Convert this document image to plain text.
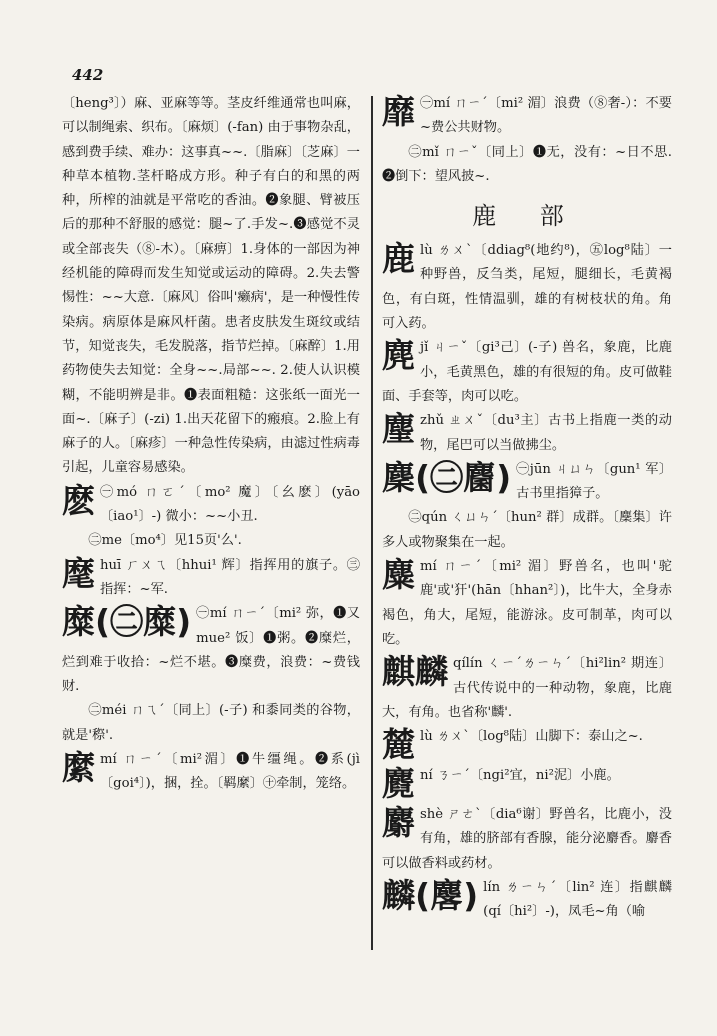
442

〔heng³〕）麻、亚麻等等。茎皮纤维通常也叫麻，可以制绳索、织布。〔麻烦〕(-fan) 由于事物杂乱，感到费手续、难办：这事真~~.〔脂麻〕〔芝麻〕一种草本植物.茎杆略成方形。种子有白的和黑的两种，所榨的油就是平常吃的香油。❷象腿、臂被压后的那种不舒服的感觉：腿~了.手发~.❸感觉不灵或全部丧失（⑧-木）。〔麻痹〕1.身体的一部因为神经机能的障碍而发生知觉或运动的障碍。2.失去警惕性：~~大意.〔麻风〕俗叫'癞病'，是一种慢性传染病。病原体是麻风杆菌。患者皮肤发生斑纹或结节，知觉丧失，毛发脱落，指节烂掉。〔麻醉〕1.用药物使失去知觉：全身~~.局部~~. 2.使人认识模糊，不能明辨是非。❶表面粗糙：这张纸一面光一面~.〔麻子〕(-zi) 1.出天花留下的瘢痕。2.脸上有麻子的人。〔麻疹〕一种急性传染病，由滤过性病毒引起，儿童容易感染。

麽 ㊀mó ㄇㄛˊ〔mo² 魔〕〔幺麽〕(yāo〔iao¹〕-) 微小：~~小丑.
㊁me〔mo⁴〕见15页'么'.
麾 huī ㄏㄨㄟ〔hhui¹ 辉〕指挥用的旗子。㊂指挥：~军.
糜(㊁糜) ㊀mí ㄇㄧˊ〔mi² 弥，❶又mue² 饭〕❶粥。❷糜烂，烂到难于收拾：~烂不堪。❸糜费，浪费：~费钱财.
㊁méi ㄇㄟˊ〔同上〕(-子) 和黍同类的谷物，就是'穄'.
縻 mí ㄇㄧˊ〔mi²湄〕❶牛缰绳。❷系(jì〔goi⁴〕)，捆，拴。〔羁縻〕㊉牵制，笼络。
靡 ㊀mí ㄇㄧˊ〔mi² 湄〕浪费（⑧奢-）：不要~费公共财物。
㊁mǐ ㄇㄧˇ〔同上〕❶无，没有：~日不思. ❷倒下：望风披~.
鹿 部
鹿 lù ㄌㄨˋ〔ddiag⁸(地约⁸)，㊄log⁸陆〕一种野兽，反刍类，尾短，腿细长，毛黄褐色，有白斑，性情温驯，雄的有树枝状的角。角可入药。
麂 jǐ ㄐㄧˇ〔gi³己〕(-子) 兽名，象鹿，比鹿小，毛黄黑色，雄的有很短的角。皮可做鞋面、手套等，肉可以吃。
麈 zhǔ ㄓㄨˇ〔du³主〕古书上指鹿一类的动物，尾巴可以当做拂尘。
麇(㊁麕) ㊀jūn ㄐㄩㄣ〔gun¹ 军〕古书里指獐子。
㊁qún ㄑㄩㄣˊ〔hun² 群〕成群。〔麇集〕许多人或物聚集在一起。
麋 mí ㄇㄧˊ〔mi² 湄〕野兽名，也叫'驼鹿'或'犴'(hān〔hhan²〕)，比牛大，全身赤褐色，角大，尾短，能游泳。皮可制革，肉可以吃。
麒麟 qílín ㄑㄧˊㄌㄧㄣˊ〔hi²lin² 期连〕古代传说中的一种动物，象鹿，比鹿大，有角。也省称'麟'.
麓 lù ㄌㄨˋ〔log⁸陆〕山脚下：泰山之~.
麑 ní ㄋㄧˊ〔ngi²宜，ni²泥〕小鹿。
麝 shè ㄕㄜˋ〔dia⁶谢〕野兽名，比鹿小，没有角，雄的脐部有香腺，能分泌麝香。麝香可以做香料或药材。
麟(麐) lín ㄌㄧㄣˊ〔lin² 连〕指麒麟(qí〔hi²〕-)，凤毛~角（喻
